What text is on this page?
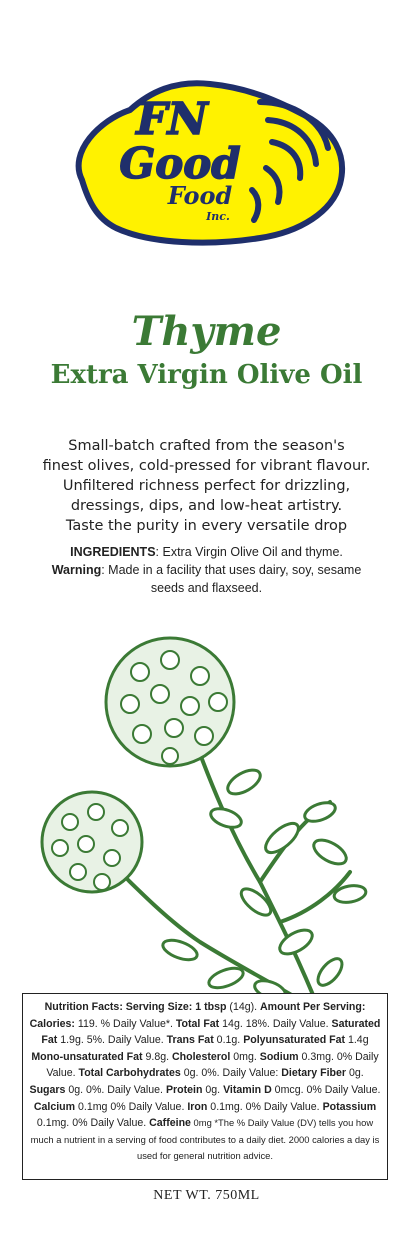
FN
Good
Food
Inc.
Thyme
Extra Virgin Olive Oil
Small-batch crafted from the season's
finest olives, cold-pressed for vibrant flavour.
Unfiltered richness perfect for drizzling,
dressings, dips, and low-heat artistry.
Taste the purity in every versatile drop
INGREDIENTS: Extra Virgin Olive Oil and thyme.
Warning: Made in a facility that uses dairy, soy, sesame seeds and flaxseed.
Nutrition Facts: Serving Size: 1 tbsp (14g). Amount Per Serving: Calories: 119. % Daily Value*. Total Fat 14g. 18%. Daily Value. Saturated Fat 1.9g. 5%. Daily Value. Trans Fat 0.1g. Polyunsaturated Fat 1.4g Mono-unsaturated Fat 9.8g. Cholesterol 0mg. Sodium 0.3mg. 0% Daily Value. Total Carbohydrates 0g. 0%. Daily Value: Dietary Fiber 0g. Sugars 0g. 0%. Daily Value. Protein 0g. Vitamin D 0mcg. 0% Daily Value. Calcium 0.1mg 0% Daily Value. Iron 0.1mg. 0% Daily Value. Potassium 0.1mg. 0% Daily Value. Caffeine 0mg *The % Daily Value (DV) tells you how much a nutrient in a serving of food contributes to a daily diet. 2000 calories a day is used for general nutrition advice.
NET WT. 750ML
